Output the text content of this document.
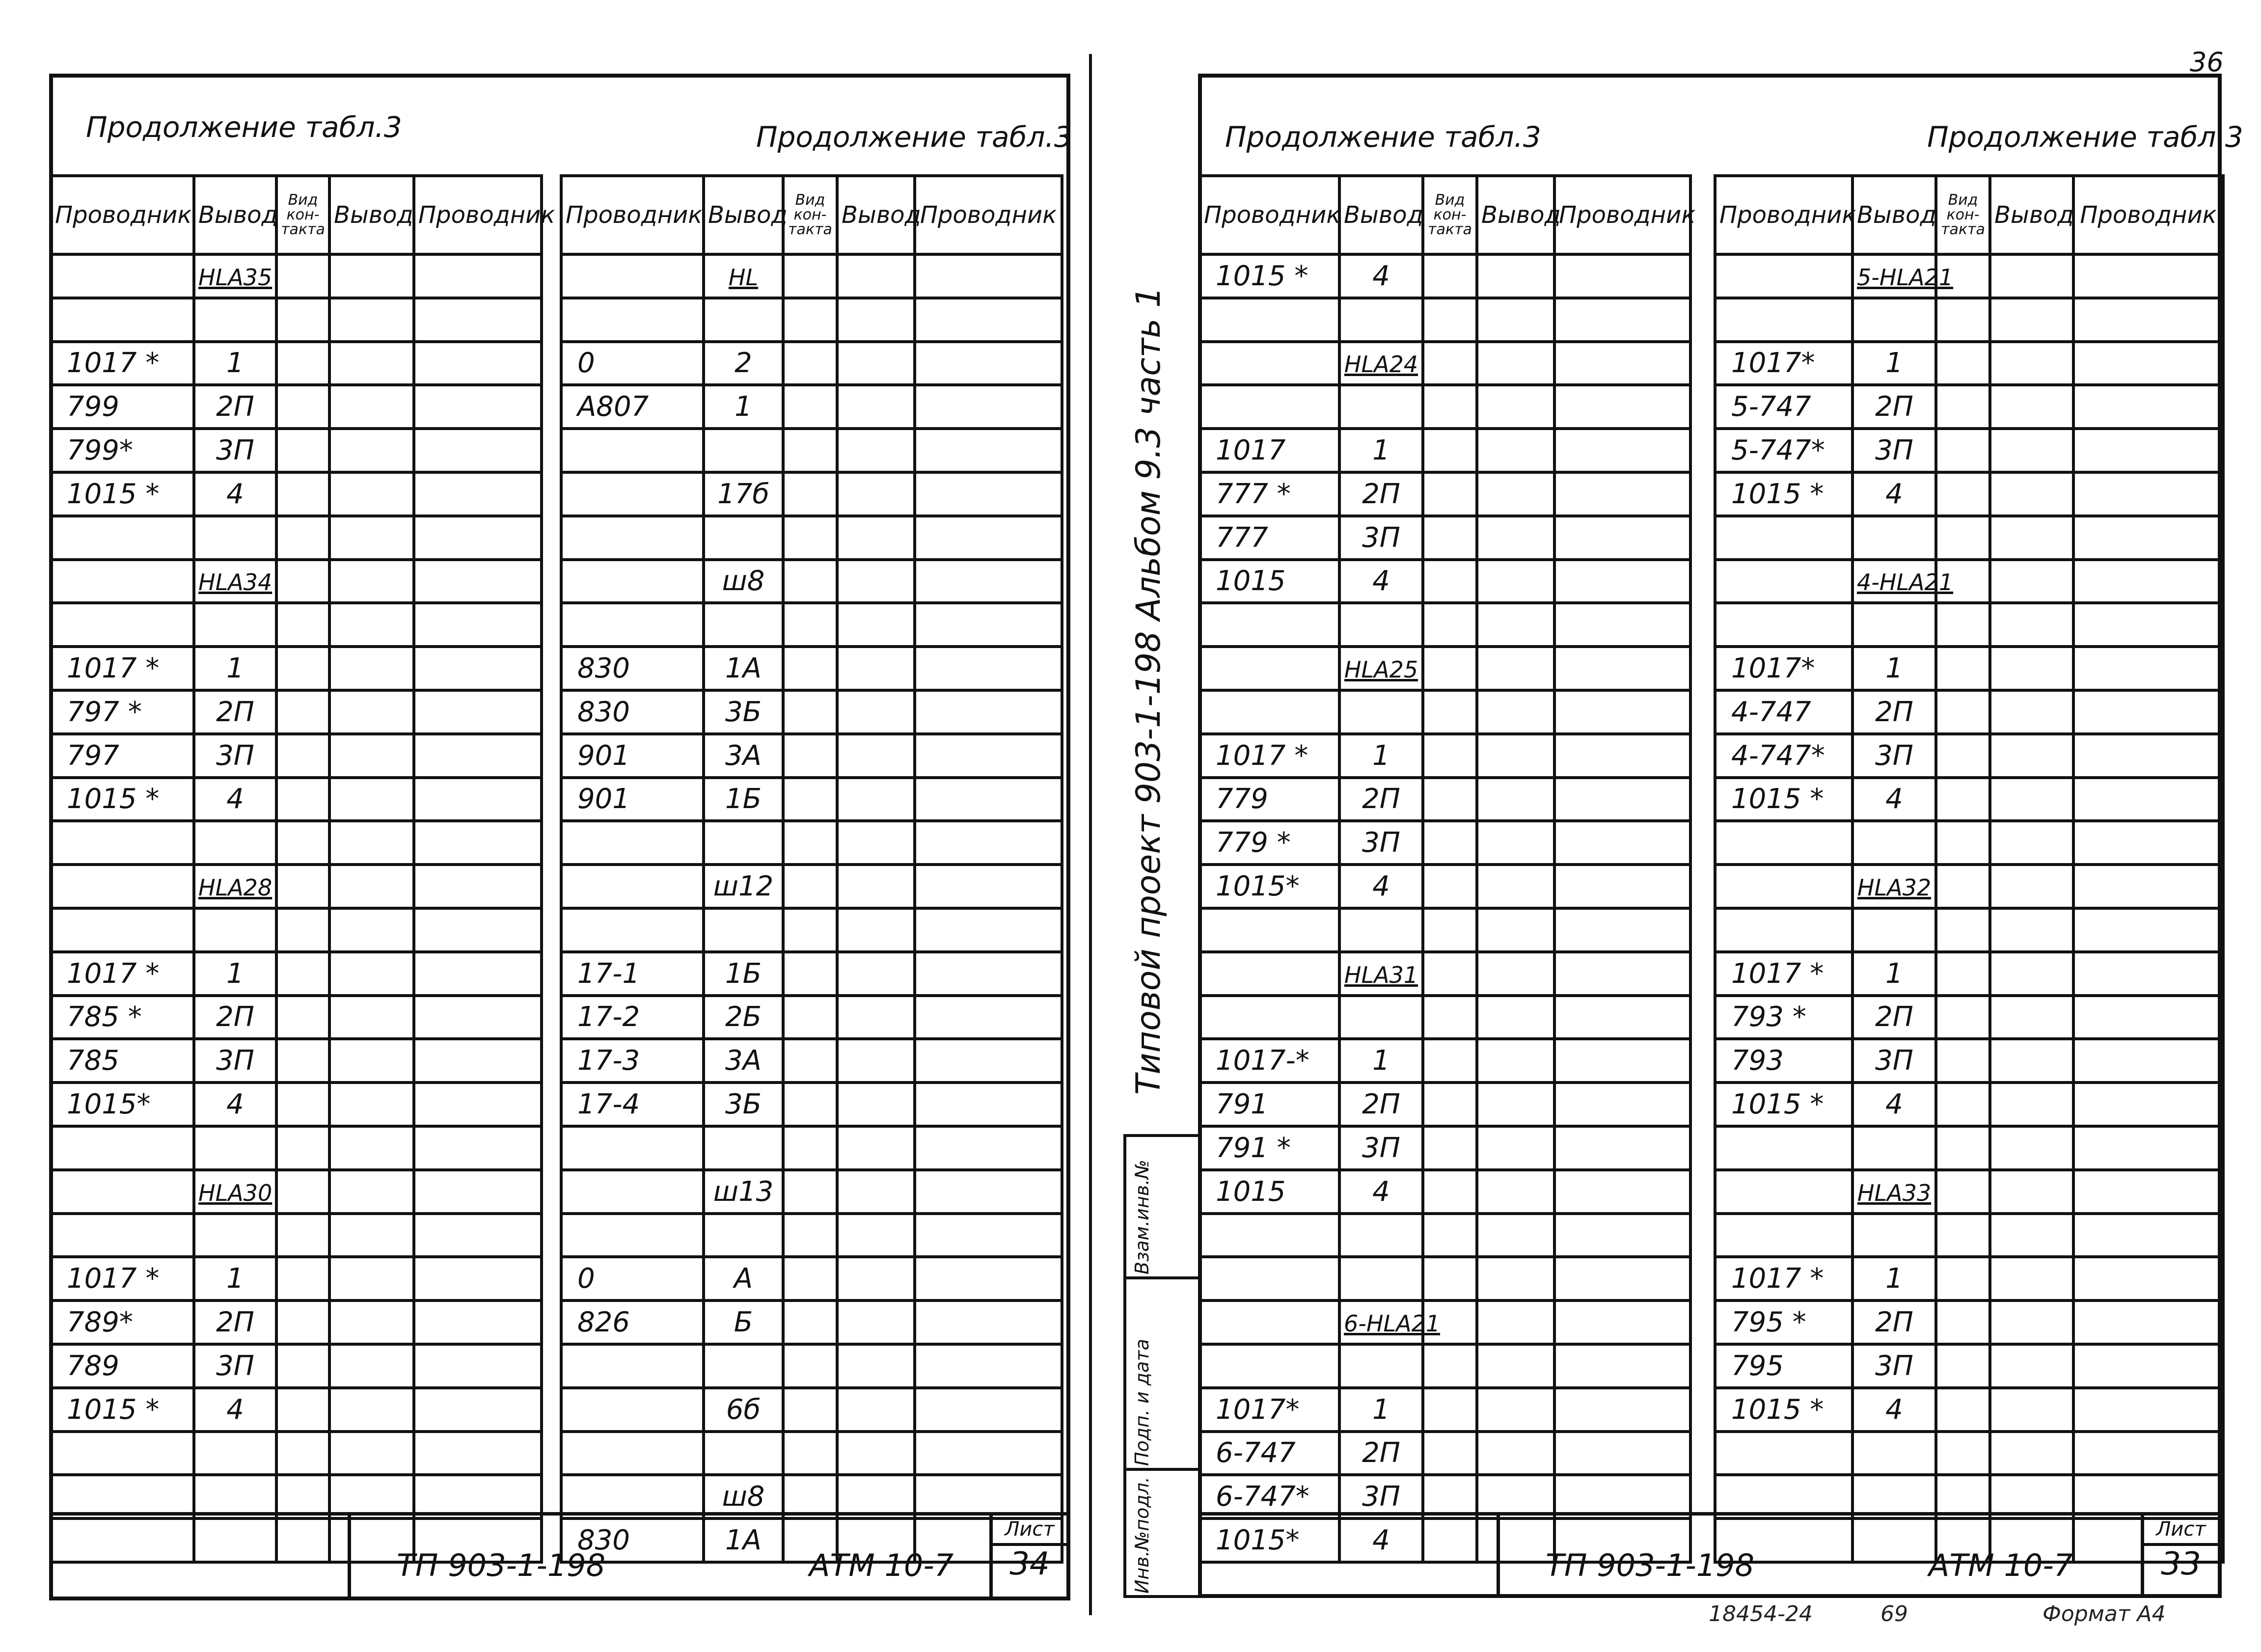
Продолжение табл.3	Продолжение табл.3
Проводник	Вывод	Вид кон-такта	Вывод	Проводник
	HLA35			

1017 *	1			
799	2П			
799*	3П			
1015 *	4			

	HLA34			

1017 *	1			
797 *	2П			
797	3П			
1015 *	4			

	HLA28			

1017 *	1			
785 *	2П			
785	3П			
1015*	4			

	HLA30			

1017 *	1			
789*	2П			
789	3П			
1015 *	4			

Проводник	Вывод	Вид кон-такта	Вывод	Проводник
	HL			

0	2			
A807	1			

	17б			

	ш8			

830	1А			
830	3Б			
901	3А			
901	1Б			

	ш12			

17-1	1Б			
17-2	2Б			
17-3	3А			
17-4	3Б			

	ш13			

0	А			
826	Б			

	6б			

	ш8			
830	1А			
ТП 903-1-198	АТМ 10-7
Лист
34
Продолжение табл.3	Продолжение табл.3
Проводник	Вывод	Вид кон-такта	Вывод	Проводник
1015 *	4			

	HLA24			

1017	1			
777 *	2П			
777	3П			
1015	4			

	HLA25			

1017 *	1			
779	2П			
779 *	3П			
1015*	4			

	HLA31			

1017-*	1			
791	2П			
791 *	3П			
1015	4			

	6-HLA21			

1017*	1			
6-747	2П			
6-747*	3П			
1015*	4			
Проводник	Вывод	Вид кон-такта	Вывод	Проводник
	5-HLA21			

1017*	1			
5-747	2П			
5-747*	3П			
1015 *	4			

	4-HLA21			

1017*	1			
4-747	2П			
4-747*	3П			
1015 *	4			

	HLA32			

1017 *	1			
793 *	2П			
793	3П			
1015 *	4			

	HLA33			

1017 *	1			
795 *	2П			
795	3П			
1015 *	4			

ТП 903-1-198	АТМ 10-7
Лист
33
Типовой проект 903-1-198 Альбом 9.3 часть 1
Инв.№подл.
Подп. и дата
Взам.инв.№
36
18454-24	69	Формат А4
